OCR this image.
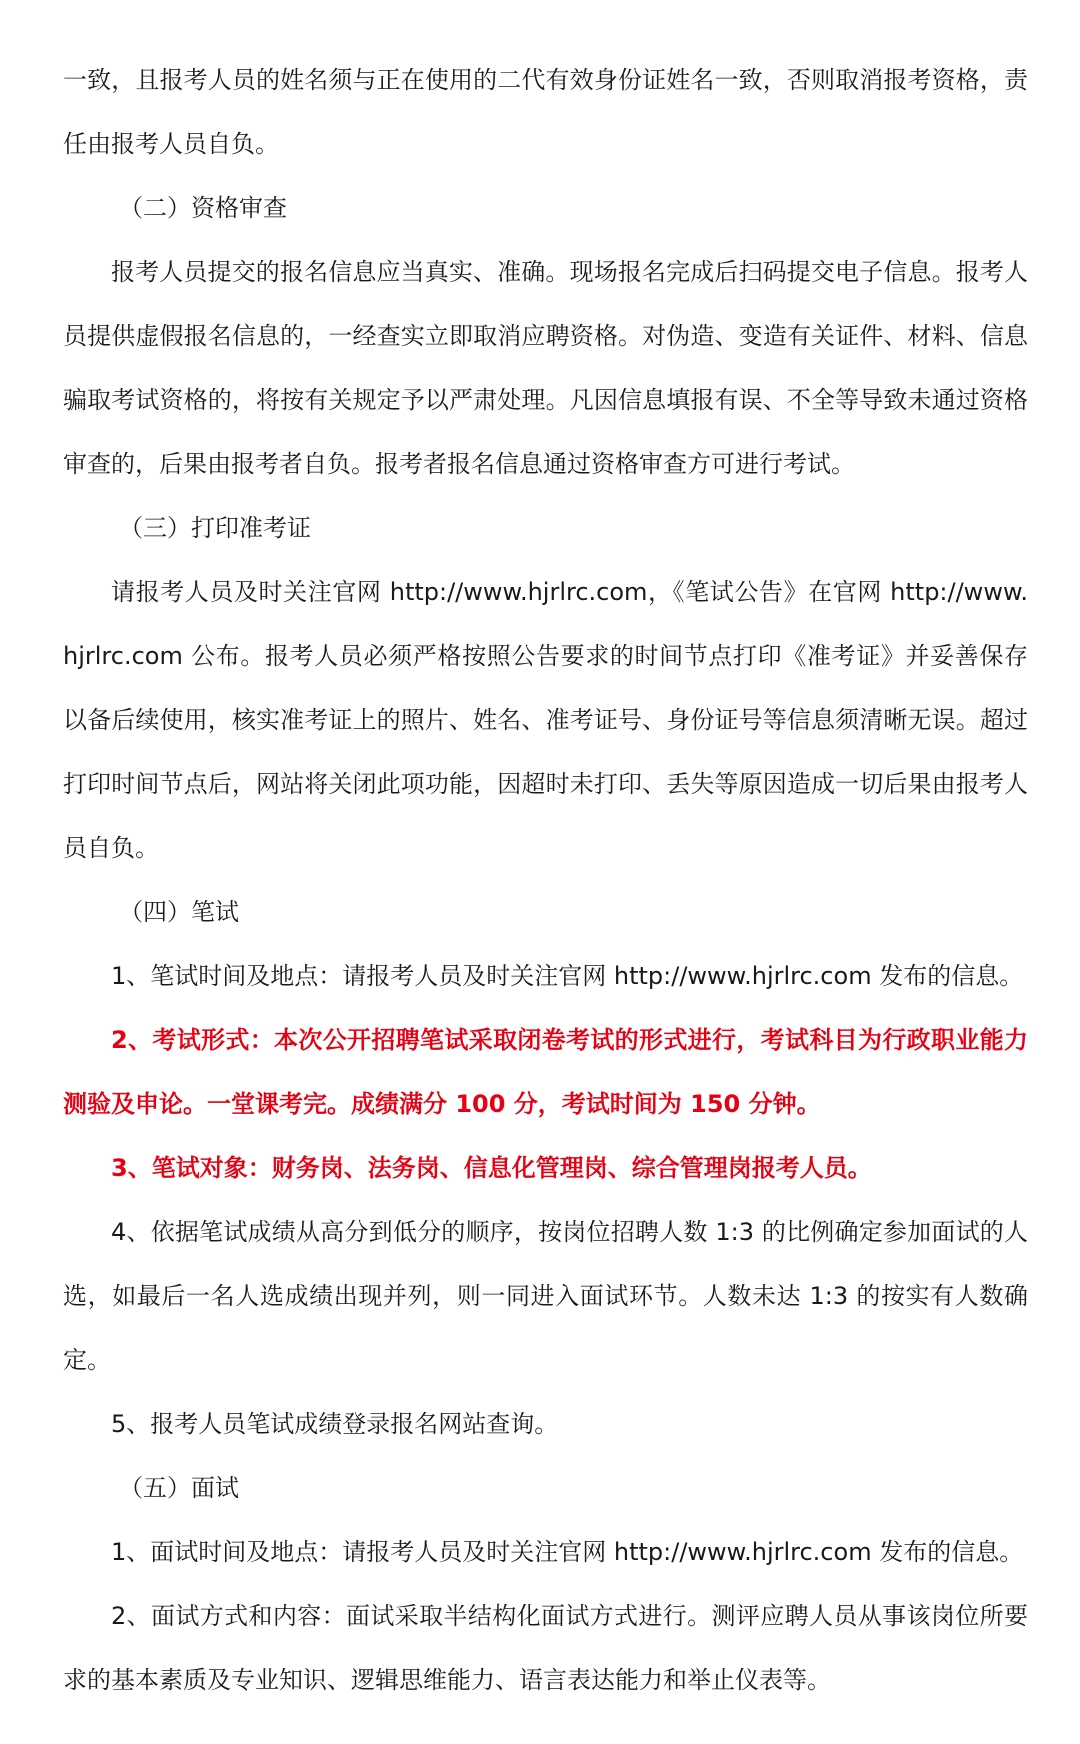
一致，且报考人员的姓名须与正在使用的二代有效身份证姓名一致，否则取消报考资格，责任由报考人员自负。

（二）资格审查

报考人员提交的报名信息应当真实、准确。现场报名完成后扫码提交电子信息。报考人员提供虚假报名信息的，一经查实立即取消应聘资格。对伪造、变造有关证件、材料、信息骗取考试资格的，将按有关规定予以严肃处理。凡因信息填报有误、不全等导致未通过资格审查的，后果由报考者自负。报考者报名信息通过资格审查方可进行考试。

（三）打印准考证

请报考人员及时关注官网 http://www.hjrlrc.com，《笔试公告》在官网 http://www.hjrlrc.com 公布。报考人员必须严格按照公告要求的时间节点打印《准考证》并妥善保存以备后续使用，核实准考证上的照片、姓名、准考证号、身份证号等信息须清晰无误。超过打印时间节点后，网站将关闭此项功能，因超时未打印、丢失等原因造成一切后果由报考人员自负。

（四）笔试

1、笔试时间及地点：请报考人员及时关注官网 http://www.hjrlrc.com 发布的信息。

2、考试形式：本次公开招聘笔试采取闭卷考试的形式进行，考试科目为行政职业能力测验及申论。一堂课考完。成绩满分 100 分，考试时间为 150 分钟。

3、笔试对象：财务岗、法务岗、信息化管理岗、综合管理岗报考人员。

4、依据笔试成绩从高分到低分的顺序，按岗位招聘人数 1:3 的比例确定参加面试的人选，如最后一名人选成绩出现并列，则一同进入面试环节。人数未达 1:3 的按实有人数确定。

5、报考人员笔试成绩登录报名网站查询。

（五）面试

1、面试时间及地点：请报考人员及时关注官网 http://www.hjrlrc.com 发布的信息。

2、面试方式和内容：面试采取半结构化面试方式进行。测评应聘人员从事该岗位所要求的基本素质及专业知识、逻辑思维能力、语言表达能力和举止仪表等。
